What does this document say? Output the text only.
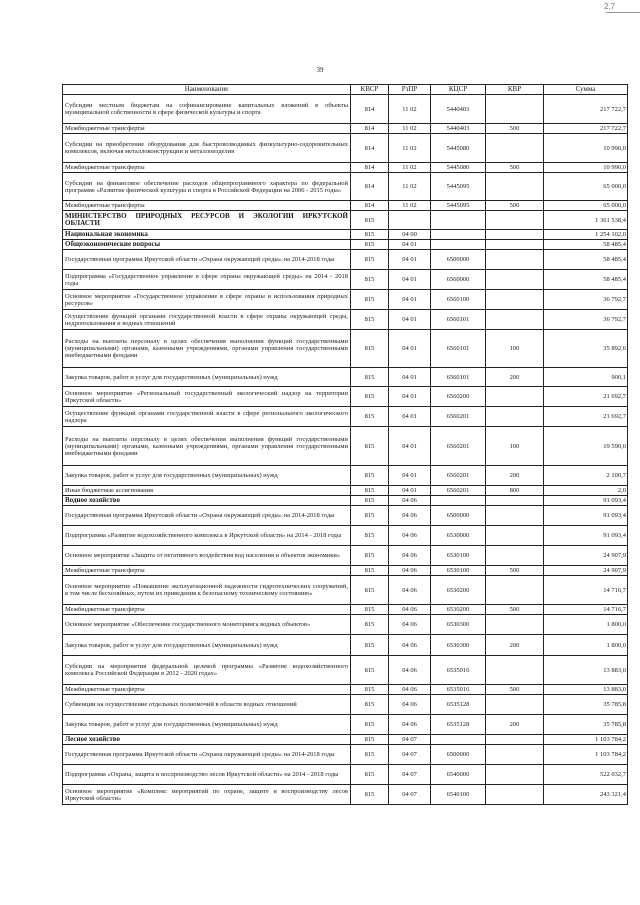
2,7
39
Наименование	КВСР	РзПР	КЦСР	КВР	Сумма
Субсидии местным бюджетам на софинансирование капитальных вложений в объекты муниципальной собственности в сфере физической культуры и спорта	814	11 02	5440403		217 722,7
Межбюджетные трансферты	814	11 02	5440403	500	217 722,7
Субсидии на приобретение оборудования для быстровозводимых физкультурно-оздоровительных комплексов, включая металлоконструкции и металлоизделия	814	11 02	5445080		10 990,0
Межбюджетные трансферты	814	11 02	5445080	500	10 990,0
Субсидии на финансовое обеспечение расходов общепрограммного характера по федеральной программе «Развитие физической культуры и спорта в Российской Федерации на 2006 - 2015 годы»	814	11 02	5445095		65 000,0
Межбюджетные трансферты	814	11 02	5445095	500	65 000,0
МИНИСТЕРСТВО ПРИРОДНЫХ РЕСУРСОВ И ЭКОЛОГИИ ИРКУТСКОЙ ОБЛАСТИ	815				1 361 538,4
Национальная экономика	815	04 00			1 254 102,0
Общеэкономические вопросы	815	04 01			58 485,4
Государственная программа Иркутской области «Охрана окружающей среды» на 2014-2018 годы	815	04 01	6500000		58 485,4
Подпрограмма «Государственное управление в сфере охраны окружающей среды» на 2014 - 2018 годы	815	04 01	6560000		58 485,4
Основное мероприятие «Государственное управление в сфере охраны и использования природных ресурсов»	815	04 01	6560100		36 792,7
Осуществление функций органами государственной власти в сфере охраны окружающей среды, недропользования и водных отношений	815	04 01	6560101		36 792,7
Расходы на выплаты персоналу в целях обеспечения выполнения функций государственными (муниципальными) органами, казенными учреждениями, органами управления государственными внебюджетными фондами	815	04 01	6560101	100	35 892,6
Закупка товаров, работ и услуг для государственных (муниципальных) нужд	815	04 01	6560101	200	900,1
Основное мероприятие «Региональный государственный экологический надзор на территории Иркутской области»	815	04 01	6560200		21 692,7
Осуществление функций органами государственной власти в сфере регионального экологического надзора	815	04 01	6560201		21 692,7
Расходы на выплаты персоналу в целях обеспечения выполнения функций государственными (муниципальными) органами, казенными учреждениями, органами управления государственными внебюджетными фондами	815	04 01	6560201	100	19 590,0
Закупка товаров, работ и услуг для государственных (муниципальных) нужд	815	04 01	6560201	200	2 100,7
Иные бюджетные ассигнования	815	04 01	6560201	800	2,0
Водное хозяйство	815	04 06			91 093,4
Государственная программа Иркутской области «Охрана окружающей среды» на 2014-2018 годы	815	04 06	6500000		91 093,4
Подпрограмма «Развитие водохозяйственного комплекса в Иркутской области» на 2014 - 2018 годы	815	04 06	6530000		91 093,4
Основное мероприятие «Защита от негативного воздействия вод населения и объектов экономики»	815	04 06	6530100		24 907,9
Межбюджетные трансферты	815	04 06	6530100	500	24 907,9
Основное мероприятие «Повышение эксплуатационной надежности гидротехнических сооружений, в том числе бесхозяйных, путем их приведения к безопасному техническому состоянию»	815	04 06	6530200		14 716,7
Межбюджетные трансферты	815	04 06	6530200	500	14 716,7
Основное мероприятие «Обеспечение государственного мониторинга водных объектов»	815	04 06	6530300		1 800,0
Закупка товаров, работ и услуг для государственных (муниципальных) нужд	815	04 06	6530300	200	1 800,0
Субсидии на мероприятия федеральной целевой программы «Развитие водохозяйственного комплекса Российской Федерации в 2012 - 2020 годах»	815	04 06	6535016		13 883,0
Межбюджетные трансферты	815	04 06	6535016	500	13 883,0
Субвенции на осуществление отдельных полномочий в области водных отношений	815	04 06	6535128		35 785,8
Закупка товаров, работ и услуг для государственных (муниципальных) нужд	815	04 06	6535128	200	35 785,8
Лесное хозяйство	815	04 07			1 103 784,2
Государственная программа Иркутской области «Охрана окружающей среды» на 2014-2018 годы	815	04 07	6500000		1 103 784,2
Подпрограмма «Охрана, защита и воспроизводство лесов Иркутской области» на 2014 - 2018 годы	815	04 07	6540000		522 032,7
Основное мероприятие «Комплекс мероприятий по охране, защите и воспроизводству лесов Иркутской области»	815	04 07	6540100		243 321,4
